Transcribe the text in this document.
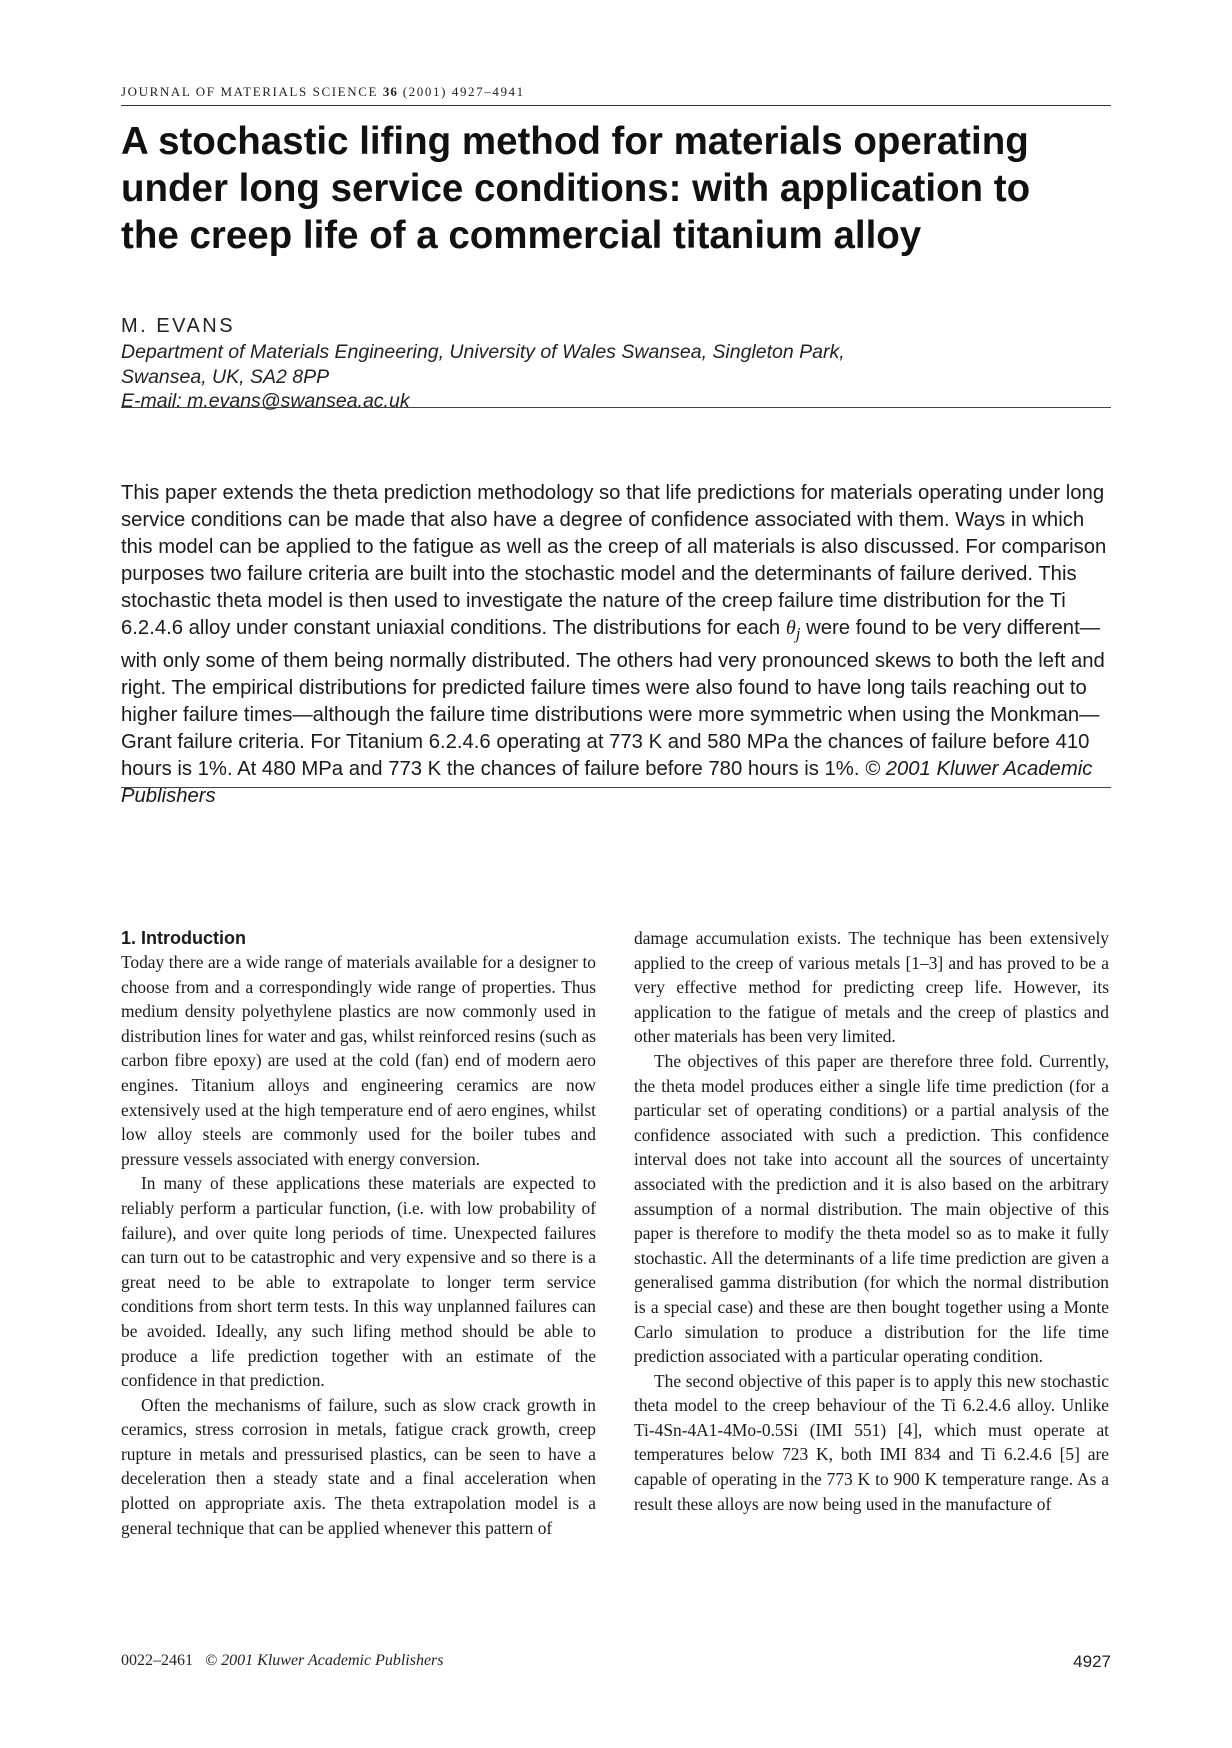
JOURNAL OF MATERIALS SCIENCE 36 (2001) 4927–4941
A stochastic lifing method for materials operating
under long service conditions: with application to
the creep life of a commercial titanium alloy
M. EVANS
Department of Materials Engineering, University of Wales Swansea, Singleton Park,
Swansea, UK, SA2 8PP
E-mail: m.evans@swansea.ac.uk
This paper extends the theta prediction methodology so that life predictions for materials operating under long service conditions can be made that also have a degree of confidence associated with them. Ways in which this model can be applied to the fatigue as well as the creep of all materials is also discussed. For comparison purposes two failure criteria are built into the stochastic model and the determinants of failure derived. This stochastic theta model is then used to investigate the nature of the creep failure time distribution for the Ti 6.2.4.6 alloy under constant uniaxial conditions. The distributions for each $\theta_j$ were found to be very different—with only some of them being normally distributed. The others had very pronounced skews to both the left and right. The empirical distributions for predicted failure times were also found to have long tails reaching out to higher failure times—although the failure time distributions were more symmetric when using the Monkman—Grant failure criteria. For Titanium 6.2.4.6 operating at 773 K and 580 MPa the chances of failure before 410 hours is 1%. At 480 MPa and 773 K the chances of failure before 780 hours is 1%. © 2001 Kluwer Academic Publishers
1. Introduction

Today there are a wide range of materials available for a designer to choose from and a correspondingly wide range of properties. Thus medium density polyethylene plastics are now commonly used in distribution lines for water and gas, whilst reinforced resins (such as carbon fibre epoxy) are used at the cold (fan) end of modern aero engines. Titanium alloys and engineering ceramics are now extensively used at the high temperature end of aero engines, whilst low alloy steels are commonly used for the boiler tubes and pressure vessels associated with energy conversion.

In many of these applications these materials are expected to reliably perform a particular function, (i.e. with low probability of failure), and over quite long periods of time. Unexpected failures can turn out to be catastrophic and very expensive and so there is a great need to be able to extrapolate to longer term service conditions from short term tests. In this way unplanned failures can be avoided. Ideally, any such lifing method should be able to produce a life prediction together with an estimate of the confidence in that prediction.

Often the mechanisms of failure, such as slow crack growth in ceramics, stress corrosion in metals, fatigue crack growth, creep rupture in metals and pressurised plastics, can be seen to have a deceleration then a steady state and a final acceleration when plotted on appropriate axis. The theta extrapolation model is a general technique that can be applied whenever this pattern of

damage accumulation exists. The technique has been extensively applied to the creep of various metals [1–3] and has proved to be a very effective method for predicting creep life. However, its application to the fatigue of metals and the creep of plastics and other materials has been very limited.

The objectives of this paper are therefore three fold. Currently, the theta model produces either a single life time prediction (for a particular set of operating conditions) or a partial analysis of the confidence associated with such a prediction. This confidence interval does not take into account all the sources of uncertainty associated with the prediction and it is also based on the arbitrary assumption of a normal distribution. The main objective of this paper is therefore to modify the theta model so as to make it fully stochastic. All the determinants of a life time prediction are given a generalised gamma distribution (for which the normal distribution is a special case) and these are then bought together using a Monte Carlo simulation to produce a distribution for the life time prediction associated with a particular operating condition.

The second objective of this paper is to apply this new stochastic theta model to the creep behaviour of the Ti 6.2.4.6 alloy. Unlike Ti-4Sn-4A1-4Mo-0.5Si (IMI 551) [4], which must operate at temperatures below 723 K, both IMI 834 and Ti 6.2.4.6 [5] are capable of operating in the 773 K to 900 K temperature range. As a result these alloys are now being used in the manufacture of

0022–2461 © 2001 Kluwer Academic Publishers	4927
